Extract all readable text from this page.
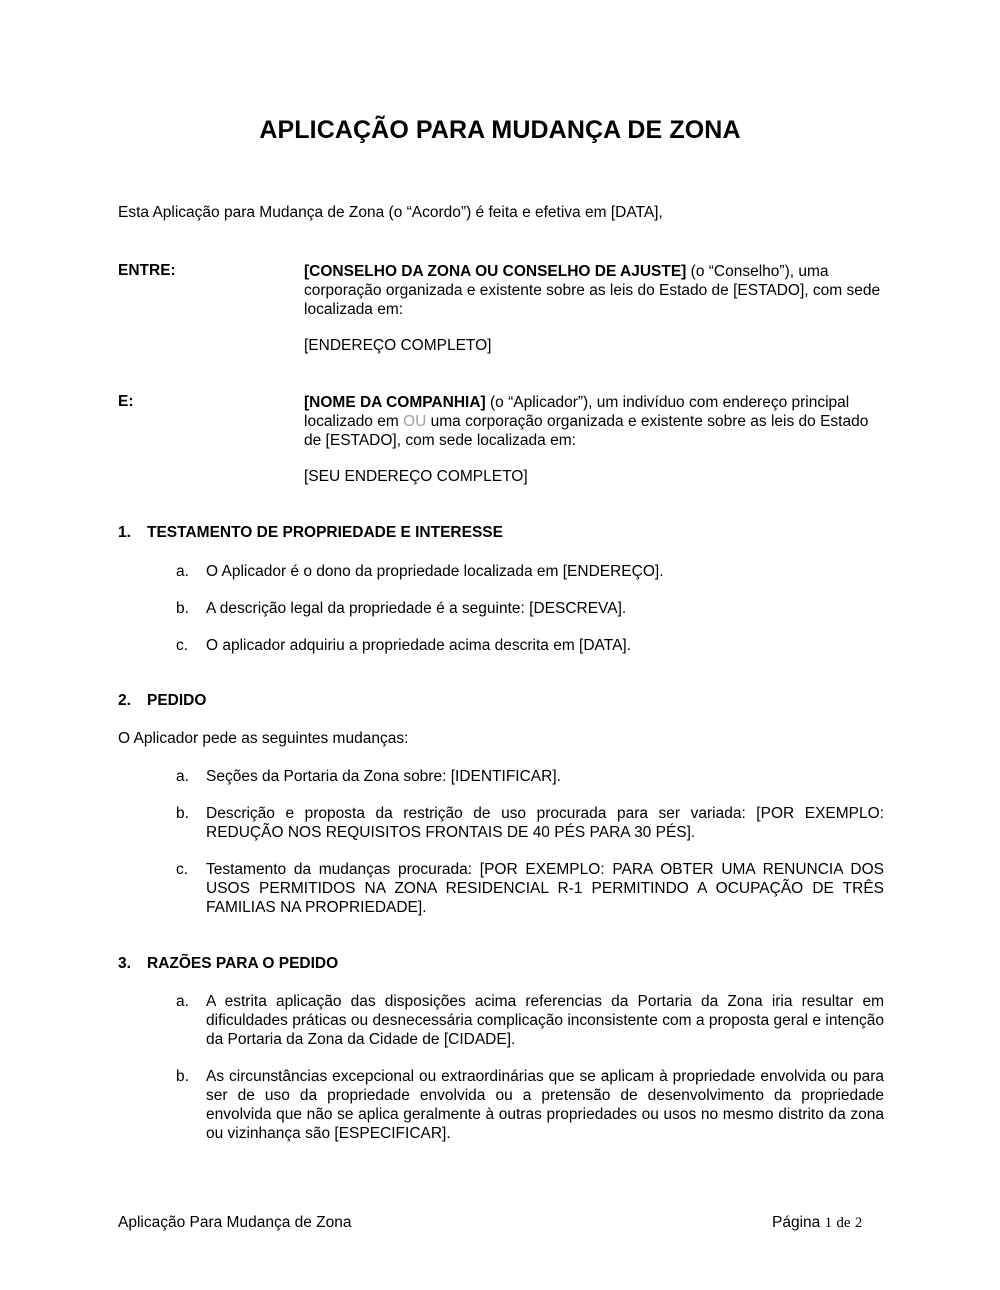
APLICAÇÃO PARA MUDANÇA DE ZONA
Esta Aplicação para Mudança de Zona (o “Acordo”) é feita e efetiva em [DATA],
ENTRE:	[CONSELHO DA ZONA OU CONSELHO DE AJUSTE] (o “Conselho”), uma corporação organizada e existente sobre as leis do Estado de [ESTADO], com sede localizada em:
[ENDEREÇO COMPLETO]
E:	[NOME DA COMPANHIA] (o “Aplicador”), um indivíduo com endereço principal localizado em OU uma corporação organizada e existente sobre as leis do Estado de [ESTADO], com sede localizada em:
[SEU ENDEREÇO COMPLETO]
1. TESTAMENTO DE PROPRIEDADE E INTERESSE
a. O Aplicador é o dono da propriedade localizada em [ENDEREÇO].
b. A descrição legal da propriedade é a seguinte: [DESCREVA].
c. O aplicador adquiriu a propriedade acima descrita em [DATA].
2. PEDIDO
O Aplicador pede as seguintes mudanças:
a. Seções da Portaria da Zona sobre: [IDENTIFICAR].
b. Descrição e proposta da restrição de uso procurada para ser variada: [POR EXEMPLO: REDUÇÃO NOS REQUISITOS FRONTAIS DE 40 PÉS PARA 30 PÉS].
c. Testamento da mudanças procurada: [POR EXEMPLO: PARA OBTER UMA RENUNCIA DOS USOS PERMITIDOS NA ZONA RESIDENCIAL R-1 PERMITINDO A OCUPAÇÃO DE TRÊS FAMILIAS NA PROPRIEDADE].
3. RAZÕES PARA O PEDIDO
a. A estrita aplicação das disposições acima referencias da Portaria da Zona iria resultar em dificuldades práticas ou desnecessária complicação inconsistente com a proposta geral e intenção da Portaria da Zona da Cidade de [CIDADE].
b. As circunstâncias excepcional ou extraordinárias que se aplicam à propriedade envolvida ou para ser de uso da propriedade envolvida ou a pretensão de desenvolvimento da propriedade envolvida que não se aplica geralmente à outras propriedades ou usos no mesmo distrito da zona ou vizinhança são [ESPECIFICAR].
Aplicação Para Mudança de Zona	Página 1 de 2
